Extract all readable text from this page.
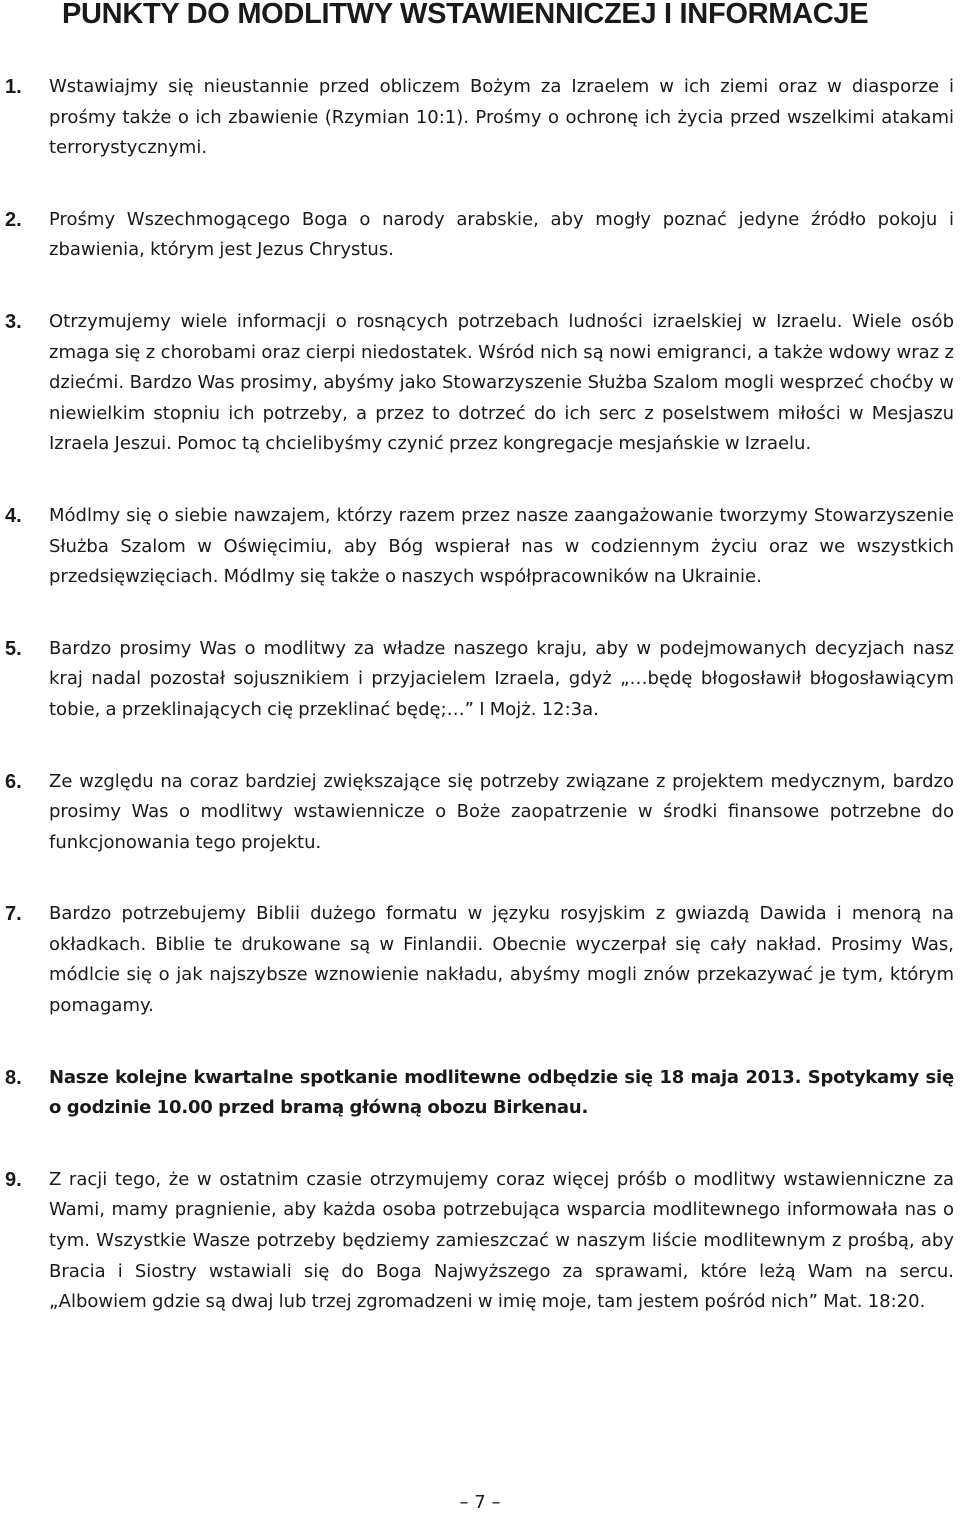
PUNKTY DO MODLITWY WSTAWIENNICZEJ I INFORMACJE
1. Wstawiajmy się nieustannie przed obliczem Bożym za Izraelem w ich ziemi oraz w diasporze i prośmy także o ich zbawienie (Rzymian 10:1). Prośmy o ochronę ich życia przed wszelkimi atakami terrorystycznymi.

2. Prośmy Wszechmogącego Boga o narody arabskie, aby mogły poznać jedyne źródło pokoju i zbawienia, którym jest Jezus Chrystus.

3. Otrzymujemy wiele informacji o rosnących potrzebach ludności izraelskiej w Izraelu. Wiele osób zmaga się z chorobami oraz cierpi niedostatek. Wśród nich są nowi emigranci, a także wdowy wraz z dziećmi. Bardzo Was prosimy, abyśmy jako Stowarzyszenie Służba Szalom mogli wesprzeć choćby w niewielkim stopniu ich potrzeby, a przez to dotrzeć do ich serc z poselstwem miłości w Mesjaszu Izraela Jeszui. Pomoc tą chcielibyśmy czynić przez kongregacje mesjańskie w Izraelu.

4. Módlmy się o siebie nawzajem, którzy razem przez nasze zaangażowanie tworzymy Stowarzyszenie Służba Szalom w Oświęcimiu, aby Bóg wspierał nas w codziennym życiu oraz we wszystkich przedsięwzięciach. Módlmy się także o naszych współpracowników na Ukrainie.

5. Bardzo prosimy Was o modlitwy za władze naszego kraju, aby w podejmowanych decyzjach nasz kraj nadal pozostał sojusznikiem i przyjacielem Izraela, gdyż „…będę błogosławił błogosławiącym tobie, a przeklinających cię przeklinać będę;…” I Mojż. 12:3a.

6. Ze względu na coraz bardziej zwiększające się potrzeby związane z projektem medycznym, bardzo prosimy Was o modlitwy wstawiennicze o Boże zaopatrzenie w środki finansowe potrzebne do funkcjonowania tego projektu.

7. Bardzo potrzebujemy Biblii dużego formatu w języku rosyjskim z gwiazdą Dawida i menorą na okładkach. Biblie te drukowane są w Finlandii. Obecnie wyczerpał się cały nakład. Prosimy Was, módlcie się o jak najszybsze wznowienie nakładu, abyśmy mogli znów przekazywać je tym, którym pomagamy.

8. Nasze kolejne kwartalne spotkanie modlitewne odbędzie się 18 maja 2013. Spotykamy się o godzinie 10.00 przed bramą główną obozu Birkenau.

9. Z racji tego, że w ostatnim czasie otrzymujemy coraz więcej próśb o modlitwy wstawienniczne za Wami, mamy pragnienie, aby każda osoba potrzebująca wsparcia modlitewnego informowała nas o tym. Wszystkie Wasze potrzeby będziemy zamieszczać w naszym liście modlitewnym z prośbą, aby Bracia i Siostry wstawiali się do Boga Najwyższego za sprawami, które leżą Wam na sercu. „Albowiem gdzie są dwaj lub trzej zgromadzeni w imię moje, tam jestem pośród nich” Mat. 18:20.

– 7 –
